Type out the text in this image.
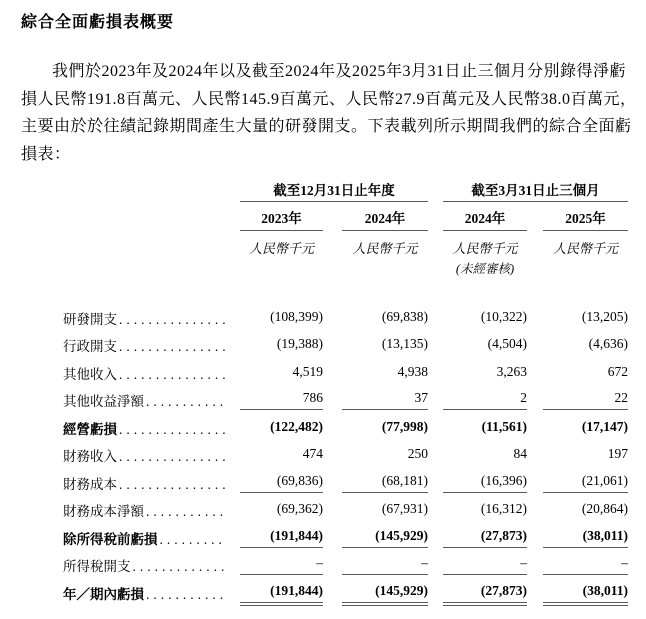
綜合全面虧損表概要
我們於2023年及2024年以及截至2024年及2025年3月31日止三個月分別錄得淨虧
損人民幣191.8百萬元、人民幣145.9百萬元、人民幣27.9百萬元及人民幣38.0百萬元，
主要由於於往績記錄期間產生大量的研發開支。下表載列所示期間我們的綜合全面虧
損表：
截至12月31日止年度	截至3月31日止三個月
2023年	2024年	2024年	2025年
人民幣千元	人民幣千元	人民幣千元	人民幣千元
(未經審核)
研發開支 .....	(108,399)	(69,838)	(10,322)	(13,205)
行政開支 .....	(19,388)	(13,135)	(4,504)	(4,636)
其他收入 .....	4,519	4,938	3,263	672
其他收益淨額 .....	786	37	2	22
經營虧損 .....	(122,482)	(77,998)	(11,561)	(17,147)
財務收入 .....	474	250	84	197
財務成本 .....	(69,836)	(68,181)	(16,396)	(21,061)
財務成本淨額 .....	(69,362)	(67,931)	(16,312)	(20,864)
除所得稅前虧損 .....	(191,844)	(145,929)	(27,873)	(38,011)
所得稅開支 .....	–	–	–	–
年／期內虧損 .....	(191,844)	(145,929)	(27,873)	(38,011)
